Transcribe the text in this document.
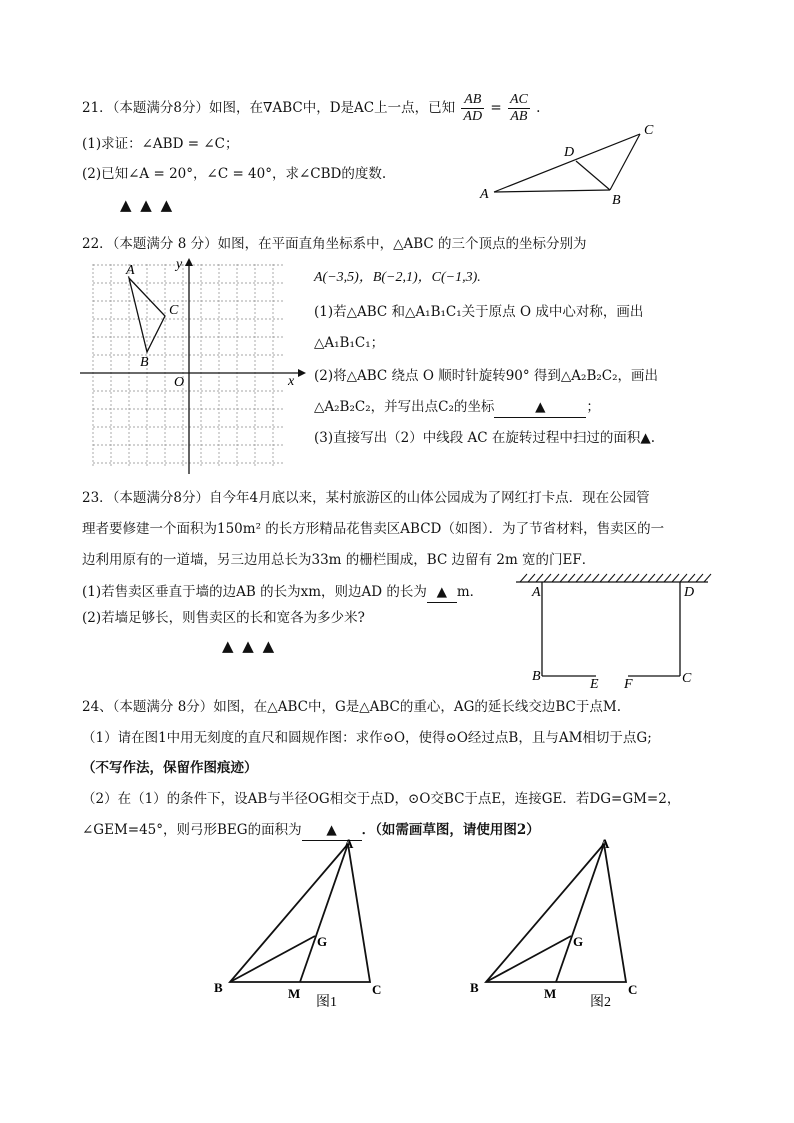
21．（本题满分8分）如图，在∇ABC中，D是AC上一点，已知 $\frac{AB}{AD} = \frac{AC}{AB}$ .
(1)求证：∠ABD = ∠C；
(2)已知∠A = 20°，∠C = 40°，求∠CBD的度数.
▲ ▲ ▲
A	B
C
D
22．（本题满分 8 分）如图，在平面直角坐标系中，△ABC 的三个顶点的坐标分别为
A(−3,5)，B(−2,1)，C(−1,3).
(1)若△ABC 和△A₁B₁C₁关于原点 O 成中心对称，画出
△A₁B₁C₁；
(2)将△ABC 绕点 O 顺时针旋转90° 得到△A₂B₂C₂，画出
△A₂B₂C₂，并写出点C₂的坐标	▲	；
(3)直接写出（2）中线段 AC 在旋转过程中扫过的面积▲.
A
B
C
O	x
y
23．（本题满分8分）自今年4月底以来，某村旅游区的山体公园成为了网红打卡点．现在公园管
理者要修建一个面积为150m² 的长方形精品花售卖区ABCD（如图）．为了节省材料，售卖区的一
边利用原有的一道墙，另三边用总长为33m 的栅栏围成，BC 边留有 2m 宽的门EF．
(1)若售卖区垂直于墙的边AB 的长为xm，则边AD 的长为 ▲ m．
(2)若墙足够长，则售卖区的长和宽各为多少米?
▲ ▲ ▲
A	D
B	C
E F
24、（本题满分 8分）如图，在△ABC中，G是△ABC的重心，AG的延长线交边BC于点M.
（1）请在图1中用无刻度的直尺和圆规作图：求作⊙O，使得⊙O经过点B，且与AM相切于点G;
（不写作法，保留作图痕迹）
（2）在（1）的条件下，设AB与半径OG相交于点D，⊙O交BC于点E，连接GE．若DG=GM=2，
∠GEM=45°，则弓形BEG的面积为 ▲ ．（如需画草图，请使用图2）
A
B	C
G
M
图1
A
B	C
G
M
图2
